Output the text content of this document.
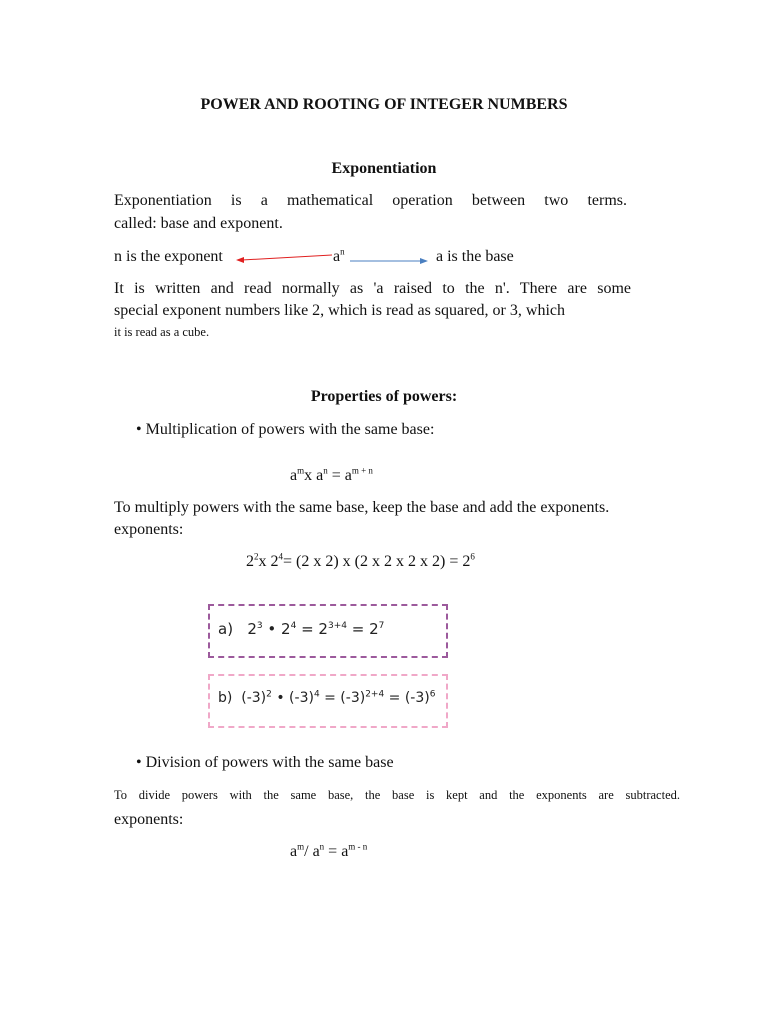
POWER AND ROOTING OF INTEGER NUMBERS
Exponentiation
Exponentiation is a mathematical operation between two terms.
called: base and exponent.
n is the exponent	$a^n$	a is the base
It is written and read normally as 'a raised to the n'. There are some
special exponent numbers like 2, which is read as squared, or 3, which
it is read as a cube.
Properties of powers:
• Multiplication of powers with the same base:
$a^mx$ $a^n = a^{m + n}$
To multiply powers with the same base, keep the base and add the exponents.
exponents:
$2^2x$ $2^4= (2$ x 2) x (2 x 2 x 2 x $2) = 2^6$
a) $2^3$ • $2^4 = 2^{3+4} = 2^7$
b) $(-3)^2$ • $(-3)^4 = (-3)^{2+4} = (-3)^6$
• Division of powers with the same base
To divide powers with the same base, the base is kept and the exponents are subtracted.
exponents:
$a^m/$ $a^n = a^{m - n}$
